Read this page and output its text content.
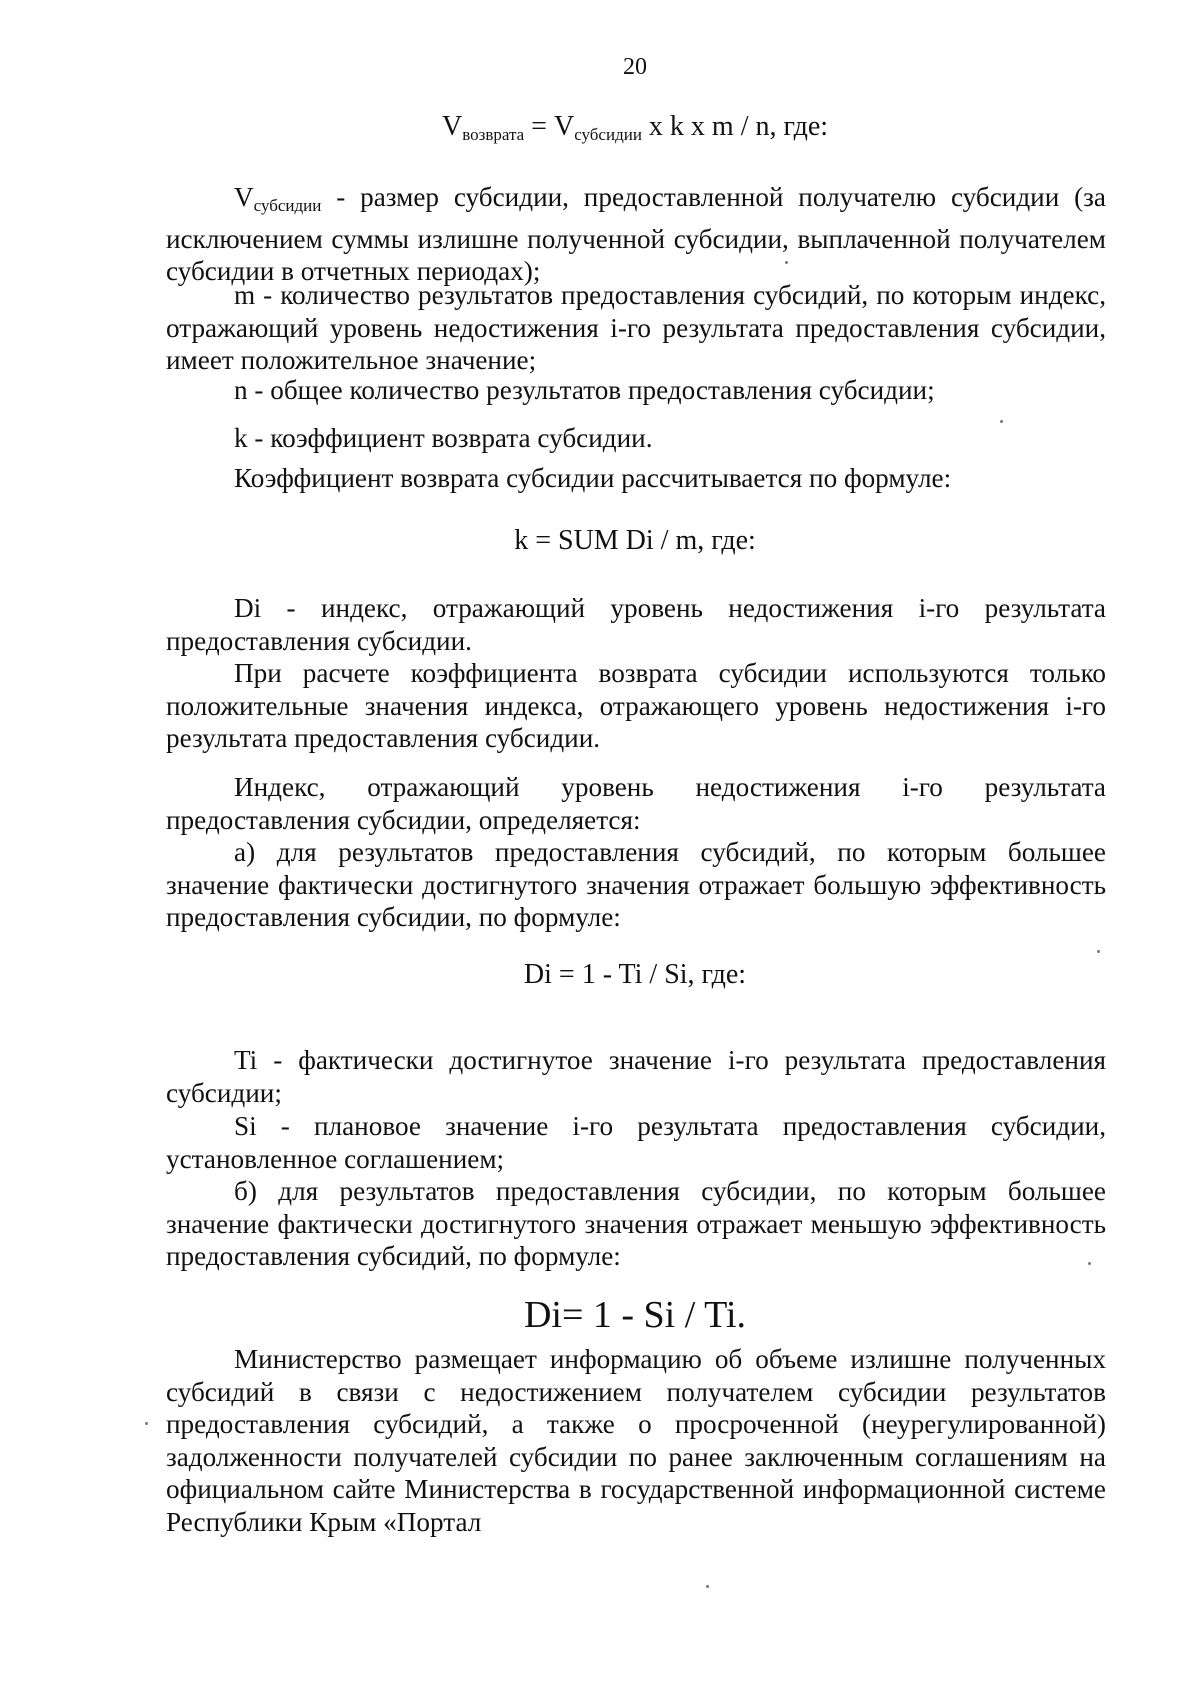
20
$V_{возврата} = V_{субсидии}$ x k x m / n, где:
$V_{субсидии}$ - размер субсидии, предоставленной получателю субсидии (за исключением суммы излишне полученной субсидии, выплаченной получателем субсидии в отчетных периодах);
m - количество результатов предоставления субсидий, по которым индекс, отражающий уровень недостижения i-го результата предоставления субсидии, имеет положительное значение;
n - общее количество результатов предоставления субсидии;
k - коэффициент возврата субсидии.
Коэффициент возврата субсидии рассчитывается по формуле:
k = SUM Di / m, где:
Di - индекс, отражающий уровень недостижения i-го результата предоставления субсидии.
При расчете коэффициента возврата субсидии используются только положительные значения индекса, отражающего уровень недостижения i-го результата предоставления субсидии.
Индекс, отражающий уровень недостижения i-го результата предоставления субсидии, определяется:
а) для результатов предоставления субсидий, по которым большее значение фактически достигнутого значения отражает большую эффективность предоставления субсидии, по формуле:
Di = 1 - Ti / Si, где:
Ti - фактически достигнутое значение i-го результата предоставления субсидии;
Si - плановое значение i-го результата предоставления субсидии, установленное соглашением;
б) для результатов предоставления субсидии, по которым большее значение фактически достигнутого значения отражает меньшую эффективность предоставления субсидий, по формуле:
Di= 1 - Si / Ti.
Министерство размещает информацию об объеме излишне полученных субсидий в связи с недостижением получателем субсидии результатов предоставления субсидий, а также о просроченной (неурегулированной) задолженности получателей субсидии по ранее заключенным соглашениям на официальном сайте Министерства в государственной информационной системе Республики Крым «Портал
